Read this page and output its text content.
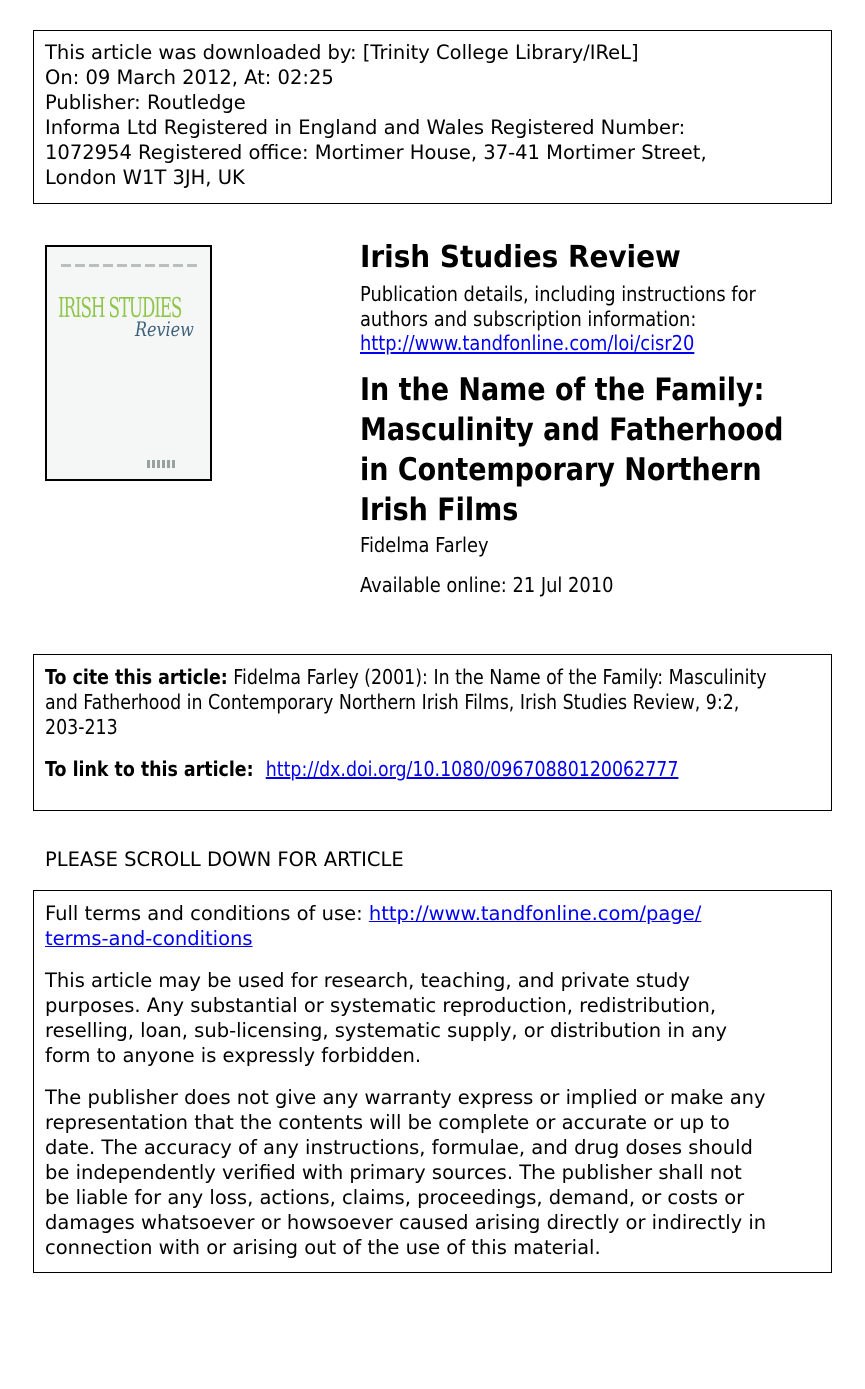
This article was downloaded by: [Trinity College Library/IReL]
On: 09 March 2012, At: 02:25
Publisher: Routledge
Informa Ltd Registered in England and Wales Registered Number:
1072954 Registered office: Mortimer House, 37-41 Mortimer Street,
London W1T 3JH, UK
IRISH STUDIES
Review
Irish Studies Review
Publication details, including instructions for
authors and subscription information:
http://www.tandfonline.com/loi/cisr20
In the Name of the Family:
Masculinity and Fatherhood
in Contemporary Northern
Irish Films
Fidelma Farley
Available online: 21 Jul 2010
To cite this article: Fidelma Farley (2001): In the Name of the Family: Masculinity
and Fatherhood in Contemporary Northern Irish Films, Irish Studies Review, 9:2,
203-213
To link to this article: http://dx.doi.org/10.1080/09670880120062777
PLEASE SCROLL DOWN FOR ARTICLE

Full terms and conditions of use: http://www.tandfonline.com/page/

terms-and-conditions

This article may be used for research, teaching, and private study

purposes. Any substantial or systematic reproduction, redistribution,

reselling, loan, sub-licensing, systematic supply, or distribution in any

form to anyone is expressly forbidden.

The publisher does not give any warranty express or implied or make any

representation that the contents will be complete or accurate or up to

date. The accuracy of any instructions, formulae, and drug doses should

be independently verified with primary sources. The publisher shall not

be liable for any loss, actions, claims, proceedings, demand, or costs or

damages whatsoever or howsoever caused arising directly or indirectly in

connection with or arising out of the use of this material.
